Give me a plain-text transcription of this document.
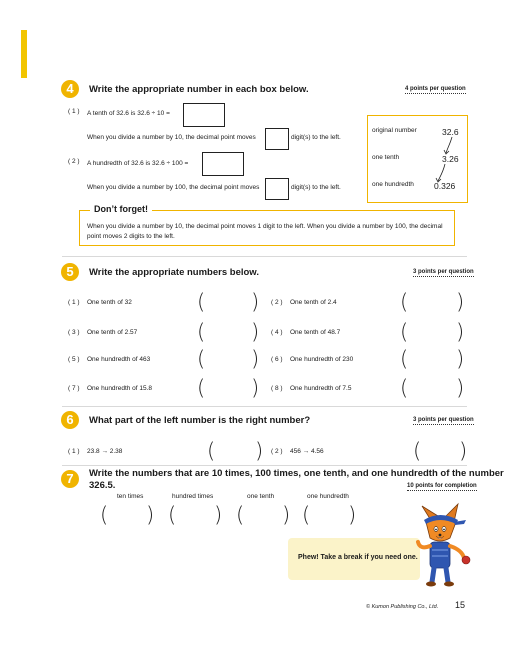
4	Write the appropriate number in each box below.	4 points per question
( 1 ) A tenth of 32.6 is 32.6 ÷ 10 =
When you divide a number by 10, the decimal point moves	digit(s) to the left.
( 2 ) A hundredth of 32.6 is 32.6 ÷ 100 =
When you divide a number by 100, the decimal point moves	digit(s) to the left.
original number	32.6
one tenth	3.26
one hundredth 0.326
When you divide a number by 10, the decimal point moves 1 digit to the left. When you divide a number by 100, the decimal point moves 2 digits to the left.
Don’t forget!
5	Write the appropriate numbers below.	3 points per question
( 1 ) One tenth of 32	( )
( 3 ) One tenth of 2.57	( )
( 5 ) One hundredth of 463 ( )
( 7 ) One hundredth of 15.8 ( )
( 2 ) One tenth of 2.4	( )
( 4 ) One tenth of 48.7	( )
( 6 ) One hundredth of 230 ( )
( 8 ) One hundredth of 7.5 ( )
6	What part of the left number is the right number?	3 points per question
( 1 ) 23.8 → 2.38	( ) ( 2 ) 456 → 4.56	( )
7	Write the numbers that are 10 times, 100 times, one tenth, and one hundredth of the number
326.5.	10 points for completion
ten times	hundred times	one tenth	one hundredth
( ) ( ) ( ) ( )
Phew! Take a break if you need one.
© Kumon Publishing Co., Ltd. 15
